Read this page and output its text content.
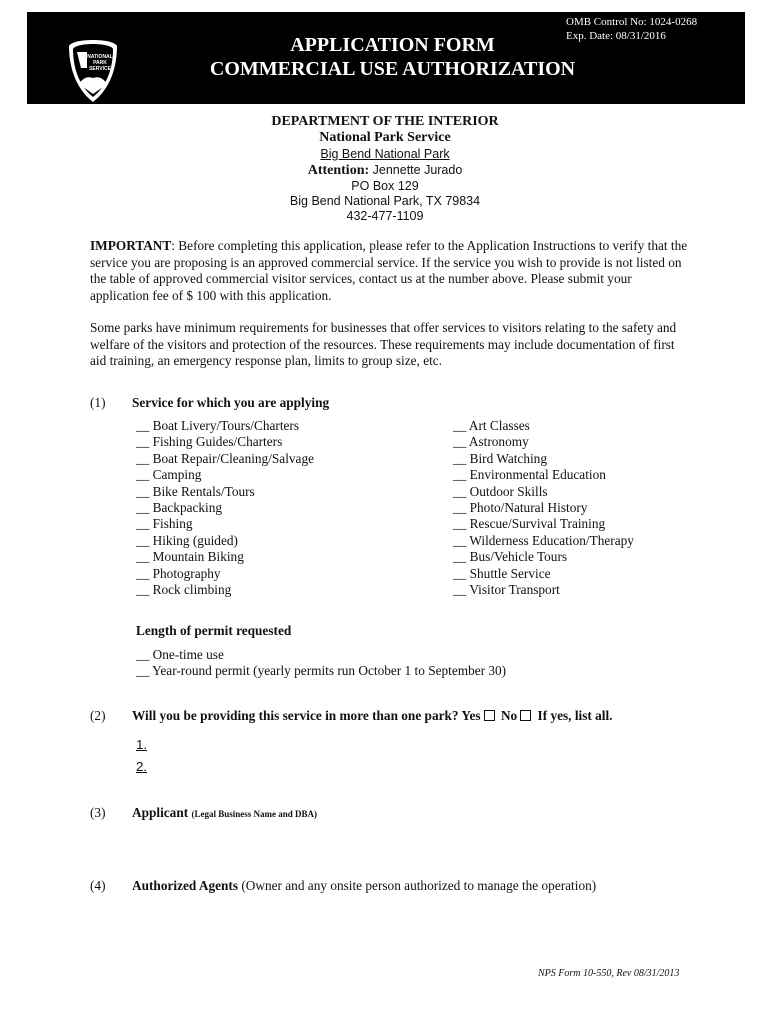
NATIONAL
PARK
SERVICE
OMB Control No: 1024-0268
Exp. Date: 08/31/2016
APPLICATION FORM
COMMERCIAL USE AUTHORIZATION
DEPARTMENT OF THE INTERIOR
National Park Service
Big Bend National Park
Attention: Jennette Jurado
PO Box 129
Big Bend National Park, TX 79834
432-477-1109
IMPORTANT: Before completing this application, please refer to the Application Instructions to verify that the service you are proposing is an approved commercial service. If the service you wish to provide is not listed on the table of approved commercial visitor services, contact us at the number above. Please submit your application fee of $ 100 with this application.
Some parks have minimum requirements for businesses that offer services to visitors relating to the safety and welfare of the visitors and protection of the resources. These requirements may include documentation of first aid training, an emergency response plan, limits to group size, etc.
(1) Service for which you are applying
__ Boat Livery/Tours/Charters
__ Fishing Guides/Charters
__ Boat Repair/Cleaning/Salvage
__ Camping
__ Bike Rentals/Tours
__ Backpacking
__ Fishing
__ Hiking (guided)
__ Mountain Biking
__ Photography
__ Rock climbing
__ Art Classes
__ Astronomy
__ Bird Watching
__ Environmental Education
__ Outdoor Skills
__ Photo/Natural History
__ Rescue/Survival Training
__ Wilderness Education/Therapy
__ Bus/Vehicle Tours
__ Shuttle Service
__ Visitor Transport
Length of permit requested
__ One-time use
__ Year-round permit (yearly permits run October 1 to September 30)
(2) Will you be providing this service in more than one park? Yes No If yes, list all.
1.
2.
(3) Applicant (Legal Business Name and DBA)
(4) Authorized Agents (Owner and any onsite person authorized to manage the operation)
NPS Form 10-550, Rev 08/31/2013
